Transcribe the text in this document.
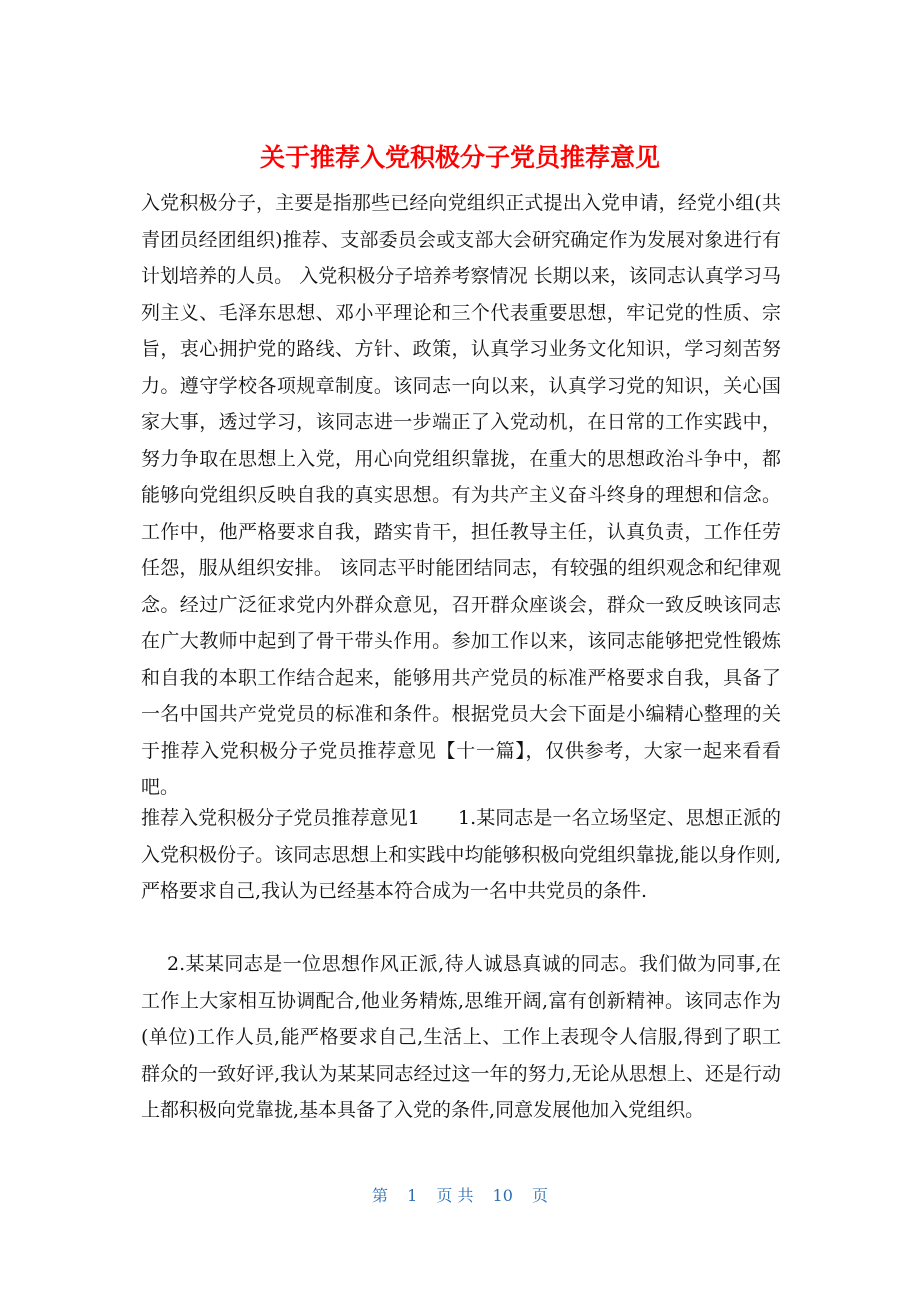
关于推荐入党积极分子党员推荐意见

入党积极分子，主要是指那些已经向党组织正式提出入党申请，经党小组(共青团员经团组织)推荐、支部委员会或支部大会研究确定作为发展对象进行有计划培养的人员。 入党积极分子培养考察情况 长期以来，该同志认真学习马列主义、毛泽东思想、邓小平理论和三个代表重要思想，牢记党的性质、宗旨，衷心拥护党的路线、方针、政策，认真学习业务文化知识，学习刻苦努力。遵守学校各项规章制度。该同志一向以来，认真学习党的知识，关心国家大事，透过学习，该同志进一步端正了入党动机，在日常的工作实践中，努力争取在思想上入党，用心向党组织靠拢，在重大的思想政治斗争中，都能够向党组织反映自我的真实思想。有为共产主义奋斗终身的理想和信念。工作中，他严格要求自我，踏实肯干，担任教导主任，认真负责，工作任劳任怨，服从组织安排。 该同志平时能团结同志，有较强的组织观念和纪律观念。经过广泛征求党内外群众意见，召开群众座谈会，群众一致反映该同志在广大教师中起到了骨干带头作用。参加工作以来，该同志能够把党性锻炼和自我的本职工作结合起来，能够用共产党员的标准严格要求自我，具备了一名中国共产党党员的标准和条件。根据党员大会下面是小编精心整理的关于推荐入党积极分子党员推荐意见【十一篇】，仅供参考，大家一起来看看吧。

推荐入党积极分子党员推荐意见1　　1.某同志是一名立场坚定、思想正派的入党积极份子。该同志思想上和实践中均能够积极向党组织靠拢,能以身作则,严格要求自己,我认为已经基本符合成为一名中共党员的条件.

2.某某同志是一位思想作风正派,待人诚恳真诚的同志。我们做为同事,在工作上大家相互协调配合,他业务精炼,思维开阔,富有创新精神。该同志作为(单位)工作人员,能严格要求自己,生活上、工作上表现令人信服,得到了职工群众的一致好评,我认为某某同志经过这一年的努力,无论从思想上、还是行动上都积极向党靠拢,基本具备了入党的条件,同意发展他加入党组织。

第 1 页 共 10 页
